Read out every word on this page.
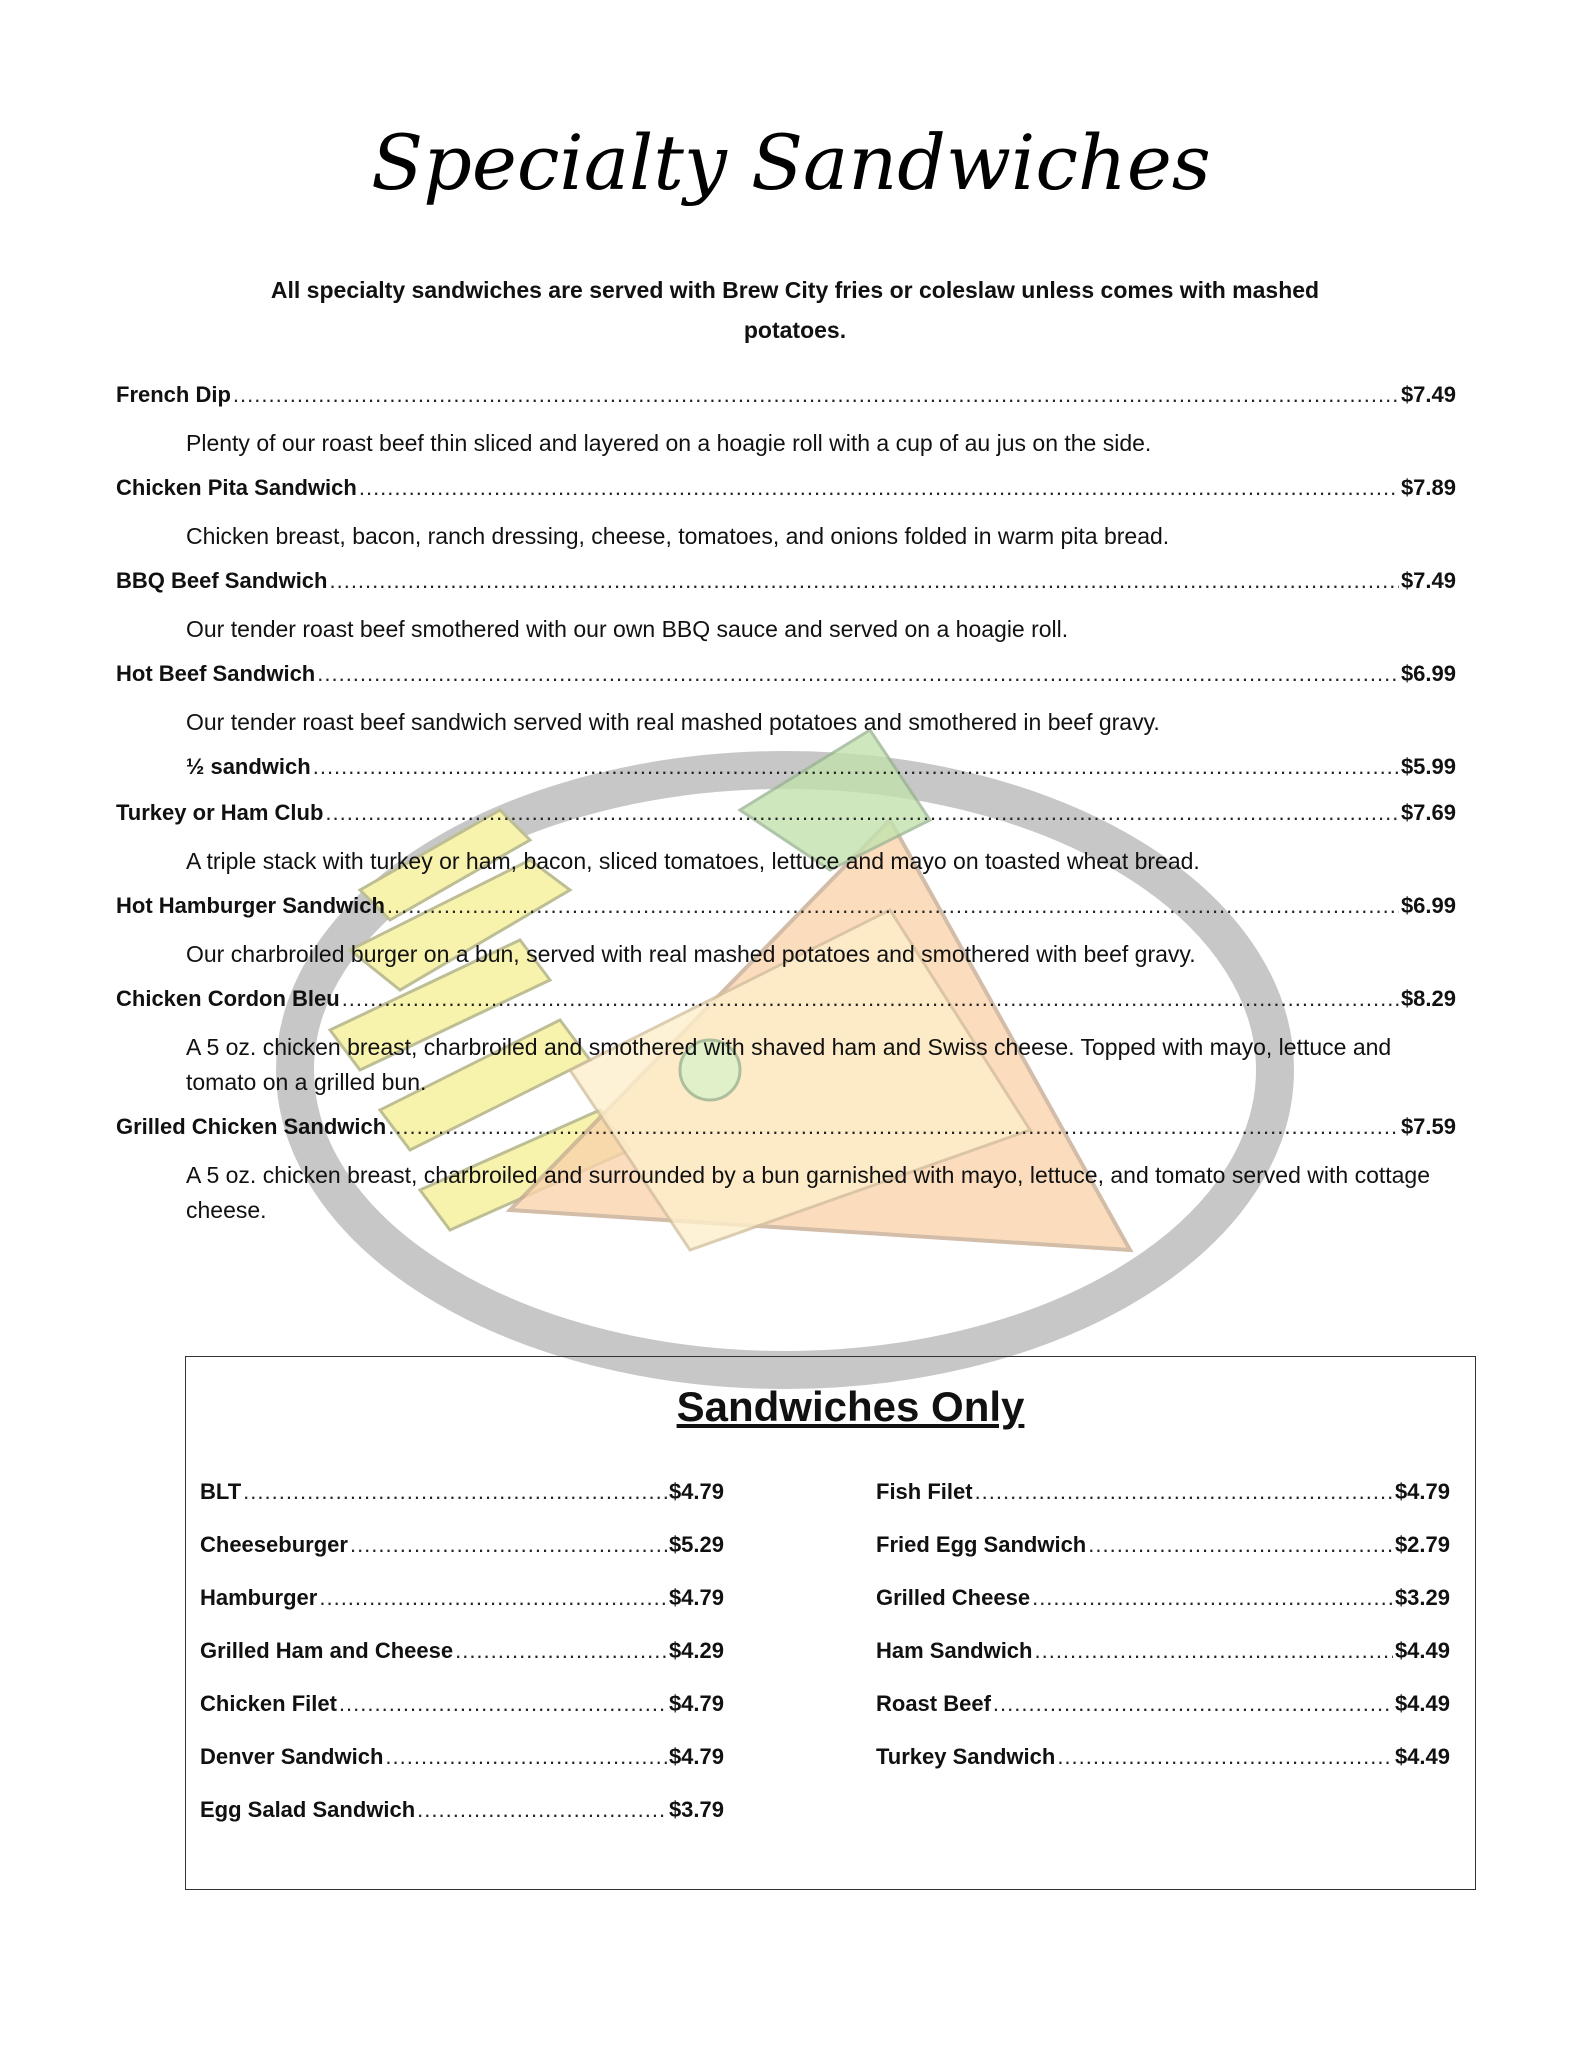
Specialty Sandwiches
All specialty sandwiches are served with Brew City fries or coleslaw unless comes with mashed potatoes.
French Dip .....	$7.49
Plenty of our roast beef thin sliced and layered on a hoagie roll with a cup of au jus on the side.
Chicken Pita Sandwich .....	$7.89
Chicken breast, bacon, ranch dressing, cheese, tomatoes, and onions folded in warm pita bread.
BBQ Beef Sandwich .....	$7.49
Our tender roast beef smothered with our own BBQ sauce and served on a hoagie roll.
Hot Beef Sandwich .....	$6.99
Our tender roast beef sandwich served with real mashed potatoes and smothered in beef gravy.
½ sandwich .....	$5.99
Turkey or Ham Club .....	$7.69
A triple stack with turkey or ham, bacon, sliced tomatoes, lettuce and mayo on toasted wheat bread.
Hot Hamburger Sandwich .....	$6.99
Our charbroiled burger on a bun, served with real mashed potatoes and smothered with beef gravy.
Chicken Cordon Bleu .....	$8.29
A 5 oz. chicken breast, charbroiled and smothered with shaved ham and Swiss cheese. Topped with mayo, lettuce and tomato on a grilled bun.
Grilled Chicken Sandwich .....	$7.59
A 5 oz. chicken breast, charbroiled and surrounded by a bun garnished with mayo, lettuce, and tomato served with cottage cheese.
Sandwiches Only
BLT .....	$4.79
Cheeseburger .....	$5.29
Hamburger .....	$4.79
Grilled Ham and Cheese .....	$4.29
Chicken Filet .....	$4.79
Denver Sandwich .....	$4.79
Egg Salad Sandwich .....	$3.79
Fish Filet .....	$4.79
Fried Egg Sandwich .....	$2.79
Grilled Cheese .....	$3.29
Ham Sandwich .....	$4.49
Roast Beef .....	$4.49
Turkey Sandwich .....	$4.49
